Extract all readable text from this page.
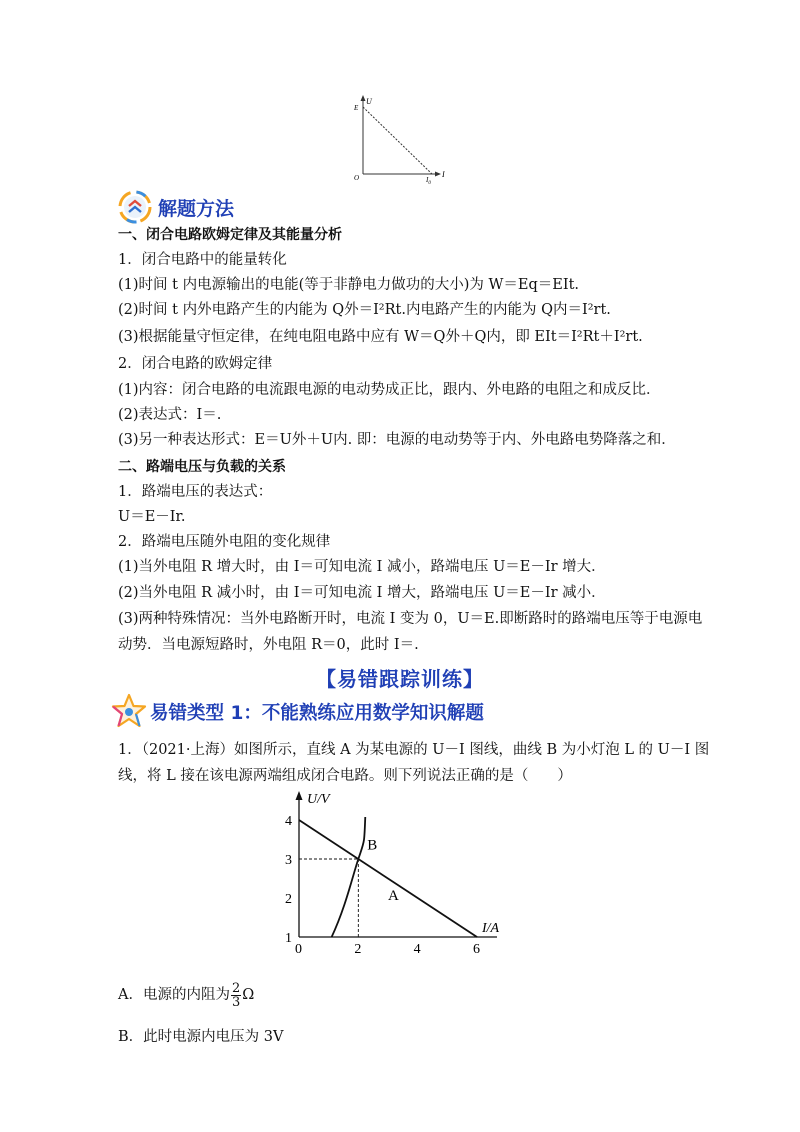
U
E
O	$I_0$
I
解题方法
一、闭合电路欧姆定律及其能量分析
1．闭合电路中的能量转化
(1)时间 t 内电源输出的电能(等于非静电力做功的大小)为 W＝Eq＝EIt.
(2)时间 t 内外电路产生的内能为 Q外＝I²Rt.内电路产生的内能为 Q内＝I²rt.
(3)根据能量守恒定律，在纯电阻电路中应有 W＝Q外＋Q内，即 EIt＝I²Rt＋I²rt.
2．闭合电路的欧姆定律
(1)内容：闭合电路的电流跟电源的电动势成正比，跟内、外电路的电阻之和成反比．
(2)表达式：I＝.
(3)另一种表达形式：E＝U外＋U内. 即：电源的电动势等于内、外电路电势降落之和．
二、路端电压与负载的关系
1．路端电压的表达式：
U＝E－Ir.
2．路端电压随外电阻的变化规律
(1)当外电阻 R 增大时，由 I＝可知电流 I 减小，路端电压 U＝E－Ir 增大．
(2)当外电阻 R 减小时，由 I＝可知电流 I 增大，路端电压 U＝E－Ir 减小．
(3)两种特殊情况：当外电路断开时，电流 I 变为 0，U＝E.即断路时的路端电压等于电源电
动势．当电源短路时，外电阻 R＝0，此时 I＝.
【易错跟踪训练】
易错类型 1：不能熟练应用数学知识解题
1．（2021·上海）如图所示，直线 A 为某电源的 U－I 图线，曲线 B 为小灯泡 L 的 U－I 图
线，将 L 接在该电源两端组成闭合电路。则下列说法正确的是（　　）
U/V
I/A
2	4	6
0
1
2
3
4
A
B
A．电源的内阻为 $\frac{2}{3}$ Ω
B．此时电源内电压为 3V
